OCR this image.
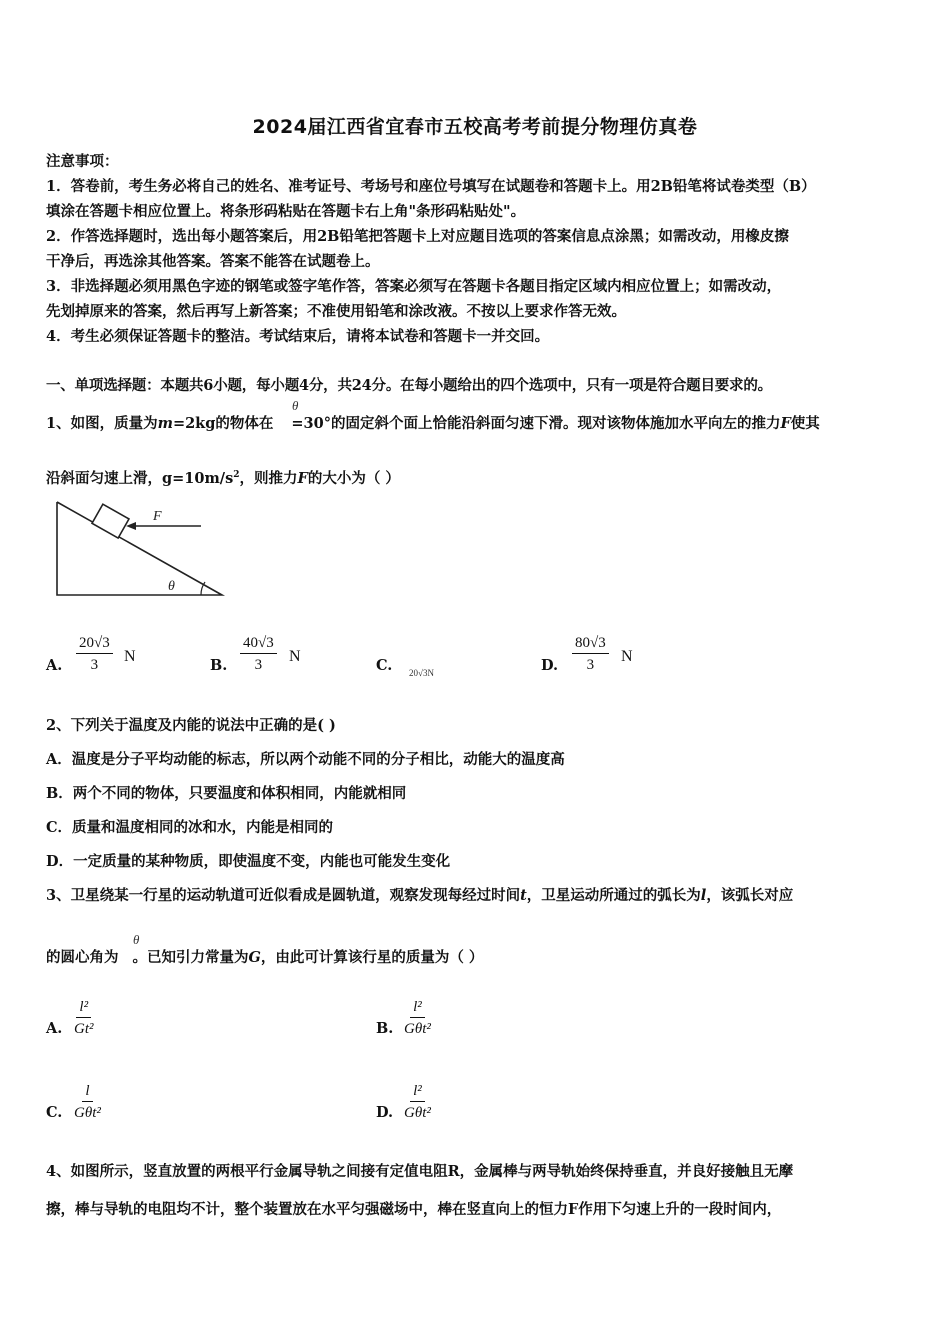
2024届江西省宜春市五校高考考前提分物理仿真卷
注意事项：
1．答卷前，考生务必将自己的姓名、准考证号、考场号和座位号填写在试题卷和答题卡上。用2B铅笔将试卷类型（B）
填涂在答题卡相应位置上。将条形码粘贴在答题卡右上角"条形码粘贴处"。
2．作答选择题时，选出每小题答案后，用2B铅笔把答题卡上对应题目选项的答案信息点涂黑；如需改动，用橡皮擦
干净后，再选涂其他答案。答案不能答在试题卷上。
3．非选择题必须用黑色字迹的钢笔或签字笔作答，答案必须写在答题卡各题目指定区域内相应位置上；如需改动，
先划掉原来的答案，然后再写上新答案；不准使用铅笔和涂改液。不按以上要求作答无效。
4．考生必须保证答题卡的整洁。考试结束后，请将本试卷和答题卡一并交回。
一、单项选择题：本题共6小题，每小题4分，共24分。在每小题给出的四个选项中，只有一项是符合题目要求的。
1、如图，质量为m=2kg的物体在 =30°的固定斜个面上恰能沿斜面匀速下滑。现对该物体施加水平向左的推力F使其
θ
沿斜面匀速上滑，$g=10m/s^2$，则推力F的大小为（ ）
F
θ
A. $\frac{20√3}{3}$ N
B. $\frac{40√3}{3}$ N
C. 20√3N	D. $\frac{80√3}{3}$ N
2、下列关于温度及内能的说法中正确的是( )
A．温度是分子平均动能的标志，所以两个动能不同的分子相比，动能大的温度高
B．两个不同的物体，只要温度和体积相同，内能就相同
C．质量和温度相同的冰和水，内能是相同的
D．一定质量的某种物质，即使温度不变，内能也可能发生变化
3、卫星绕某一行星的运动轨道可近似看成是圆轨道，观察发现每经过时间t，卫星运动所通过的弧长为l，该弧长对应
的圆心角为 。已知引力常量为G，由此可计算该行星的质量为（ ）
θ
A. $\frac{\text{l²}}{\text{Gt²}}$	B.
l²
Gθt²
C.
l
Gθt²	D.
l²
Gθt²
4、如图所示，竖直放置的两根平行金属导轨之间接有定值电阻R，金属棒与两导轨始终保持垂直，并良好接触且无摩
擦，棒与导轨的电阻均不计，整个装置放在水平匀强磁场中，棒在竖直向上的恒力F作用下匀速上升的一段时间内，
